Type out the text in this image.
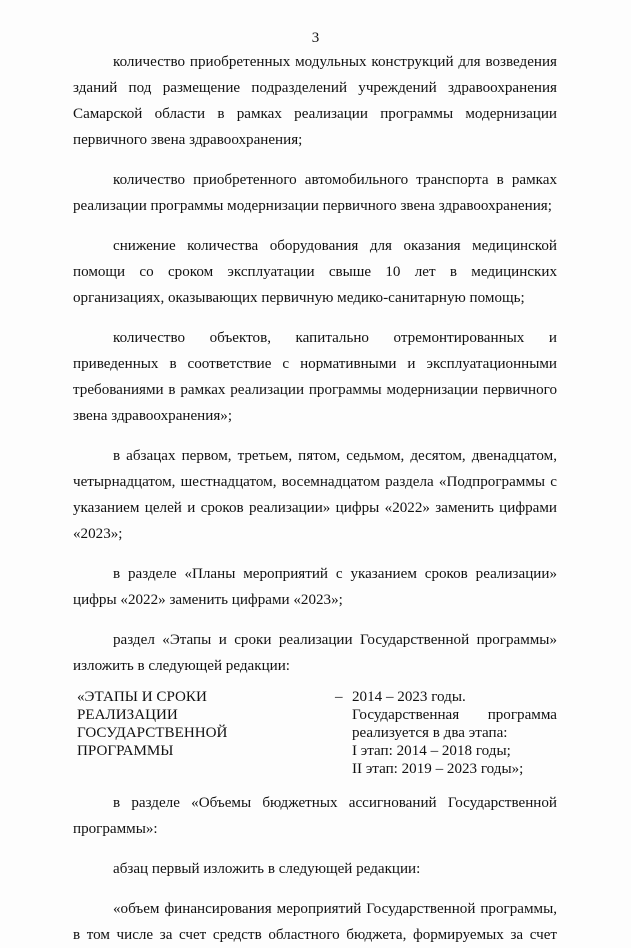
3

количество приобретенных модульных конструкций для возведения зданий под размещение подразделений учреждений здравоохранения Самарской области в рамках реализации программы модернизации первичного звена здравоохранения;

количество приобретенного автомобильного транспорта в рамках реализации программы модернизации первичного звена здравоохранения;

снижение количества оборудования для оказания медицинской помощи со сроком эксплуатации свыше 10 лет в медицинских организациях, оказывающих первичную медико-санитарную помощь;

количество объектов, капитально отремонтированных и приведенных в соответствие с нормативными и эксплуатационными требованиями в рамках реализации программы модернизации первичного звена здравоохранения»;

в абзацах первом, третьем, пятом, седьмом, десятом, двенадцатом, четырнадцатом, шестнадцатом, восемнадцатом раздела «Подпрограммы с указанием целей и сроков реализации» цифры «2022» заменить цифрами «2023»;

в разделе «Планы мероприятий с указанием сроков реализации» цифры «2022» заменить цифрами «2023»;

раздел «Этапы и сроки реализации Государственной программы» изложить в следующей редакции:

«ЭТАПЫ И СРОКИ
РЕАЛИЗАЦИИ
ГОСУДАРСТВЕННОЙ
ПРОГРАММЫ
– 2014 – 2023 годы.
Государственная программа
реализуется в два этапа:
I этап: 2014 – 2018 годы;
II этап: 2019 – 2023 годы»;

в разделе «Объемы бюджетных ассигнований Государственной программы»:

абзац первый изложить в следующей редакции:

«объем финансирования мероприятий Государственной программы, в том числе за счет средств областного бюджета, формируемых за счет
